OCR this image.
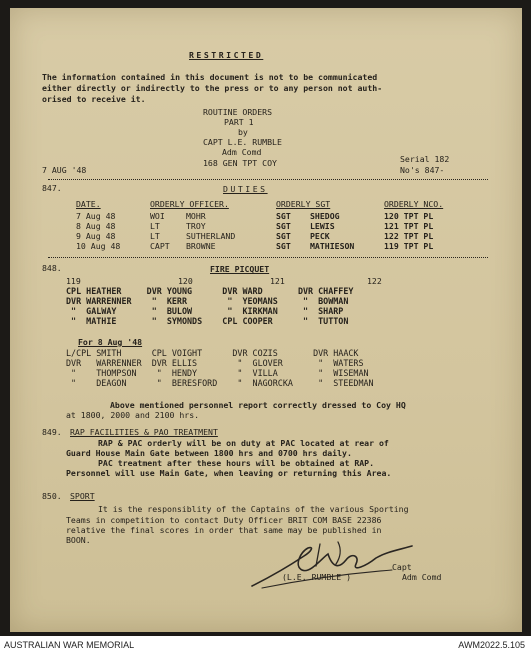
RESTRICTED
The information contained in this document is not to be communicated
either directly or indirectly to the press or to any person not auth-
orised to receive it.
ROUTINE ORDERS
PART 1
by
CAPT L.E. RUMBLE
Adm Comd
168 GEN TPT COY
7 AUG '48
Serial 182
No's 847-
847.	DUTIES
DATE.	ORDERLY OFFICER.	ORDERLY SGT	ORDERLY NCO.
7 Aug 48	WOI	MOHR	SGT SHEDOG	120 TPT PL
8 Aug 48	LT	TROY	SGT LEWIS	121 TPT PL
9 Aug 48	LT	SUTHERLAND	SGT PECK	122 TPT PL
10 Aug 48	CAPT BROWNE	SGT MATHIESON	119 TPT PL
848.	FIRE PICQUET
119	120	121	122
CPL HEATHER     DVR YOUNG      DVR WARD       DVR CHAFFEY
DVR WARRENNER    "  KERR        "  YEOMANS     "  BOWMAN
"  GALWAY       "  BULOW       "  KIRKMAN     "  SHARP
"  MATHIE       "  SYMONDS    CPL COOPER      "  TUTTON
For 8 Aug '48
L/CPL SMITH      CPL VOIGHT      DVR COZIS       DVR HAACK
DVR   WARRENNER  DVR ELLIS        "  GLOVER       "  WATERS
"    THOMPSON    "  HENDY        "  VILLA        "  WISEMAN
"    DEAGON      "  BERESFORD    "  NAGORCKA     "  STEEDMAN
Above mentioned personnel report correctly dressed to Coy HQ
at 1800, 2000 and 2100 hrs.
849. RAP FACILITIES & PAO TREATMENT
RAP & PAC orderly will be on duty at PAC located at rear of
Guard House Main Gate between 1800 hrs and 0700 hrs daily.
PAC treatment after these hours will be obtained at RAP.
Personnel will use Main Gate, when leaving or returning this Area.
850. SPORT
It is the responsiblity of the Captains of the various Sporting
Teams in competition to contact Duty Officer BRIT COM BASE 22386
relative the final scores in order that same may be published in
BOON.
Capt
(L.E. RUMBLE )	Adm Comd
AUSTRALIAN WAR MEMORIAL	AWM2022.5.105
